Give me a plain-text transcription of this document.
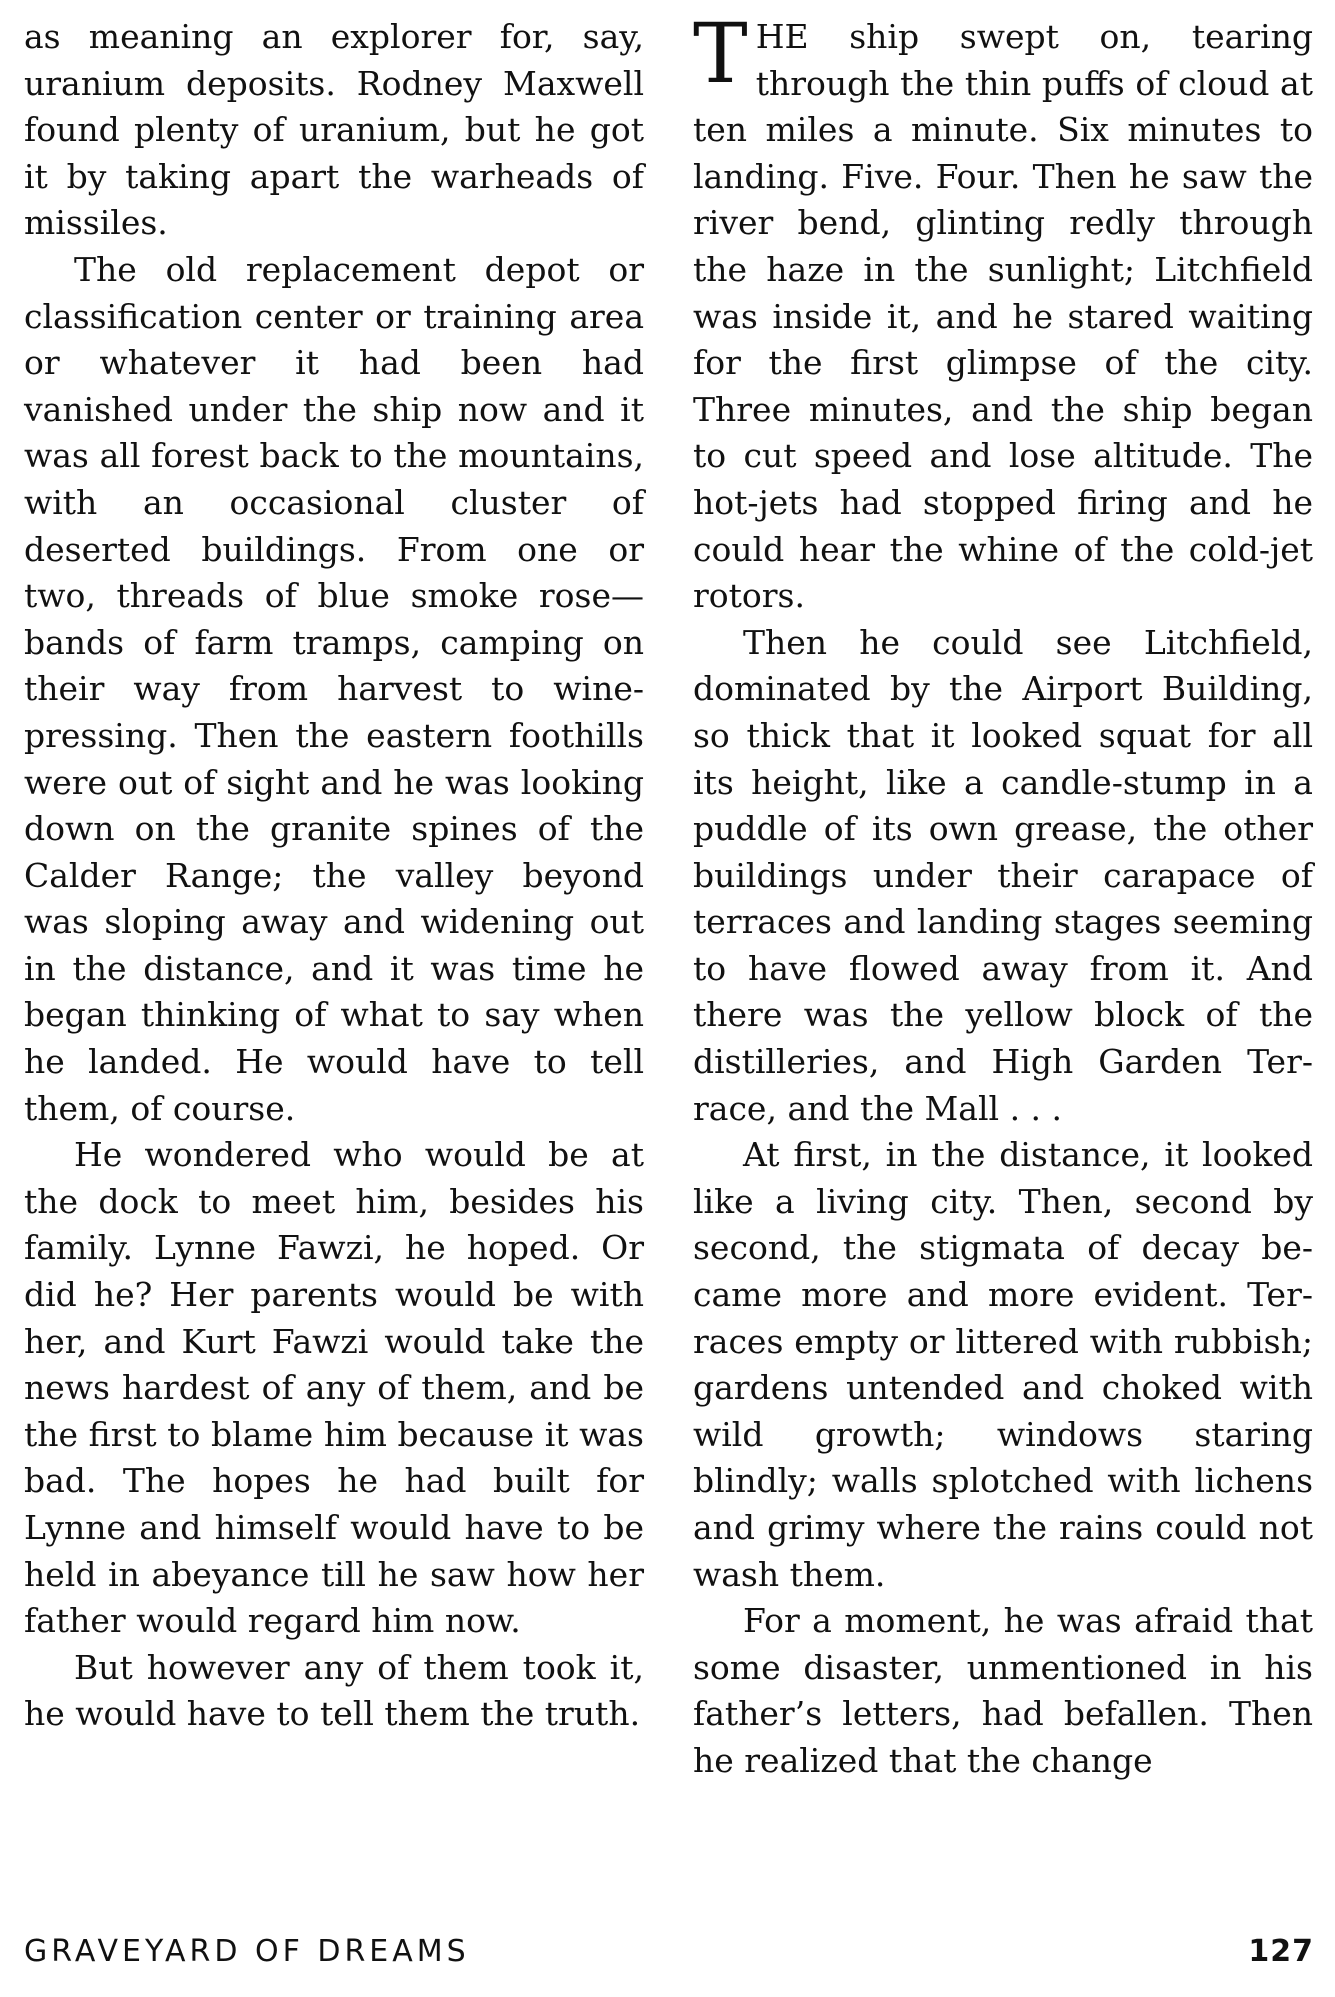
as meaning an explorer for, say, uranium deposits. Rodney Maxwell found plenty of uranium, but he got it by taking apart the warheads of missiles.

The old replacement depot or classification center or training area or whatever it had been had vanished under the ship now and it was all forest back to the mountains, with an occasional cluster of deserted buildings. From one or two, threads of blue smoke rose—bands of farm tramps, camping on their way from harvest to wine-pressing. Then the eastern foothills were out of sight and he was looking down on the granite spines of the Calder Range; the valley beyond was sloping away and widening out in the distance, and it was time he began thinking of what to say when he landed. He would have to tell them, of course.

He wondered who would be at the dock to meet him, besides his family. Lynne Fawzi, he hoped. Or did he? Her parents would be with her, and Kurt Fawzi would take the news hardest of any of them, and be the first to blame him because it was bad. The hopes he had built for Lynne and himself would have to be held in abeyance till he saw how her father would regard him now.

But however any of them took it, he would have to tell them the truth.

THE ship swept on, tearing through the thin puffs of cloud at ten miles a minute. Six minutes to landing. Five. Four. Then he saw the river bend, glinting redly through the haze in the sunlight; Litchfield was inside it, and he stared waiting for the first glimpse of the city. Three minutes, and the ship began to cut speed and lose altitude. The hot-jets had stopped firing and he could hear the whine of the cold-jet rotors.

Then he could see Litchfield, dominated by the Airport Building, so thick that it looked squat for all its height, like a candle-stump in a puddle of its own grease, the other buildings under their carapace of terraces and landing stages seeming to have flowed away from it. And there was the yellow block of the distilleries, and High Garden Terrace, and the Mall . . .

At first, in the distance, it looked like a living city. Then, second by second, the stigmata of decay became more and more evident. Terraces empty or littered with rubbish; gardens untended and choked with wild growth; windows staring blindly; walls splotched with lichens and grimy where the rains could not wash them.

For a moment, he was afraid that some disaster, unmentioned in his father’s letters, had befallen. Then he realized that the change

GRAVEYARD OF DREAMS	127
